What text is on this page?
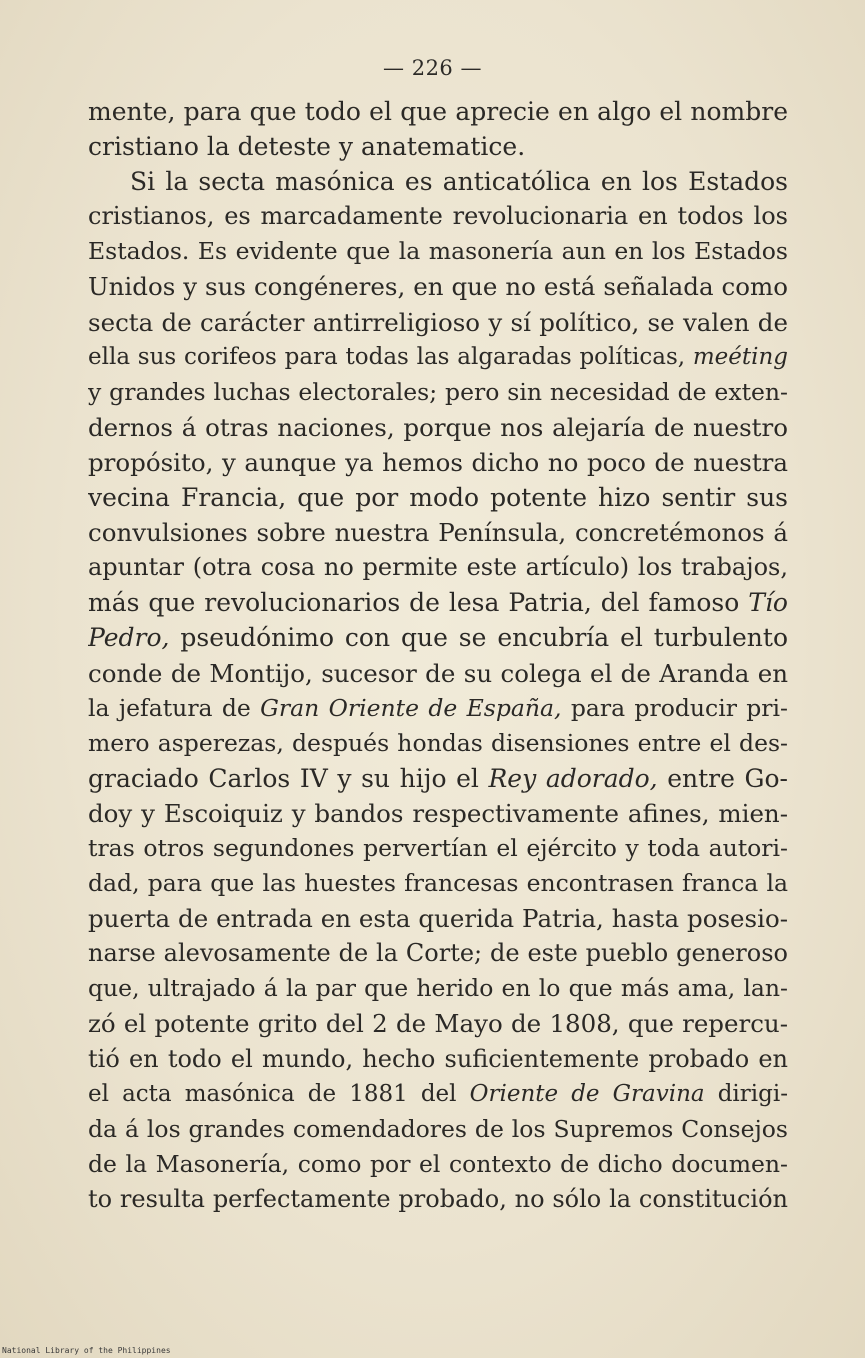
— 226 —
mente, para que todo el que aprecie en algo el nombre
cristiano la deteste y anatematice.
Si la secta masónica es anticatólica en los Estados
cristianos, es marcadamente revolucionaria en todos los
Estados. Es evidente que la masonería aun en los Estados
Unidos y sus congéneres, en que no está señalada como
secta de carácter antirreligioso y sí político, se valen de
ella sus corifeos para todas las algaradas políticas, meéting
y grandes luchas electorales; pero sin necesidad de exten-
dernos á otras naciones, porque nos alejaría de nuestro
propósito, y aunque ya hemos dicho no poco de nuestra
vecina Francia, que por modo potente hizo sentir sus
convulsiones sobre nuestra Península, concretémonos á
apuntar (otra cosa no permite este artículo) los trabajos,
más que revolucionarios de lesa Patria, del famoso Tío
Pedro, pseudónimo con que se encubría el turbulento
conde de Montijo, sucesor de su colega el de Aranda en
la jefatura de Gran Oriente de España, para producir pri-
mero asperezas, después hondas disensiones entre el des-
graciado Carlos IV y su hijo el Rey adorado, entre Go-
doy y Escoiquiz y bandos respectivamente afines, mien-
tras otros segundones pervertían el ejército y toda autori-
dad, para que las huestes francesas encontrasen franca la
puerta de entrada en esta querida Patria, hasta posesio-
narse alevosamente de la Corte; de este pueblo generoso
que, ultrajado á la par que herido en lo que más ama, lan-
zó el potente grito del 2 de Mayo de 1808, que repercu-
tió en todo el mundo, hecho suficientemente probado en
el acta masónica de 1881 del Oriente de Gravina dirigi-
da á los grandes comendadores de los Supremos Consejos
de la Masonería, como por el contexto de dicho documen-
to resulta perfectamente probado, no sólo la constitución
National Library of the Philippines
